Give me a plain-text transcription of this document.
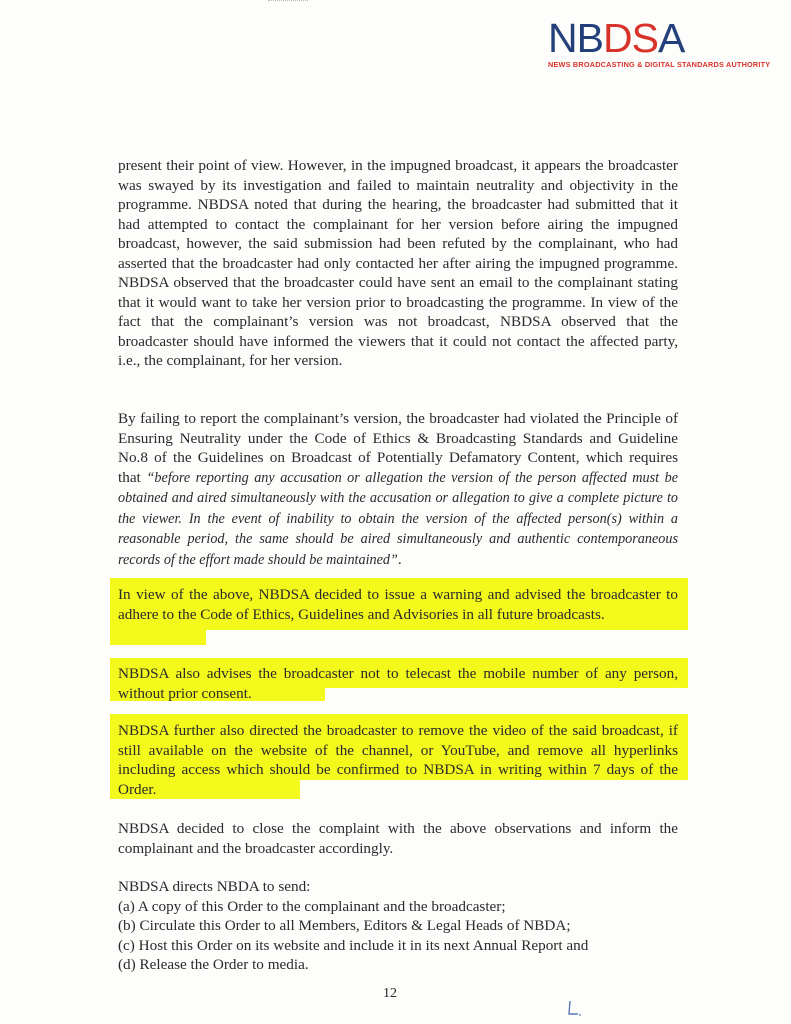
NBDSA
NEWS BROADCASTING & DIGITAL STANDARDS AUTHORITY

present their point of view. However, in the impugned broadcast, it appears the broadcaster was swayed by its investigation and failed to maintain neutrality and objectivity in the programme. NBDSA noted that during the hearing, the broadcaster had submitted that it had attempted to contact the complainant for her version before airing the impugned broadcast, however, the said submission had been refuted by the complainant, who had asserted that the broadcaster had only contacted her after airing the impugned programme. NBDSA observed that the broadcaster could have sent an email to the complainant stating that it would want to take her version prior to broadcasting the programme. In view of the fact that the complainant’s version was not broadcast, NBDSA observed that the broadcaster should have informed the viewers that it could not contact the affected party, i.e., the complainant, for her version.

By failing to report the complainant’s version, the broadcaster had violated the Principle of Ensuring Neutrality under the Code of Ethics & Broadcasting Standards and Guideline No.8 of the Guidelines on Broadcast of Potentially Defamatory Content, which requires that “before reporting any accusation or allegation the version of the person affected must be obtained and aired simultaneously with the accusation or allegation to give a complete picture to the viewer. In the event of inability to obtain the version of the affected person(s) within a reasonable period, the same should be aired simultaneously and authentic contemporaneous records of the effort made should be maintained”.

In view of the above, NBDSA decided to issue a warning and advised the broadcaster to adhere to the Code of Ethics, Guidelines and Advisories in all future broadcasts.

NBDSA also advises the broadcaster not to telecast the mobile number of any person, without prior consent.

NBDSA further also directed the broadcaster to remove the video of the said broadcast, if still available on the website of the channel, or YouTube, and remove all hyperlinks including access which should be confirmed to NBDSA in writing within 7 days of the Order.

NBDSA decided to close the complaint with the above observations and inform the complainant and the broadcaster accordingly.

NBDSA directs NBDA to send:
(a) A copy of this Order to the complainant and the broadcaster;
(b) Circulate this Order to all Members, Editors & Legal Heads of NBDA;
(c) Host this Order on its website and include it in its next Annual Report and
(d) Release the Order to media.
12
